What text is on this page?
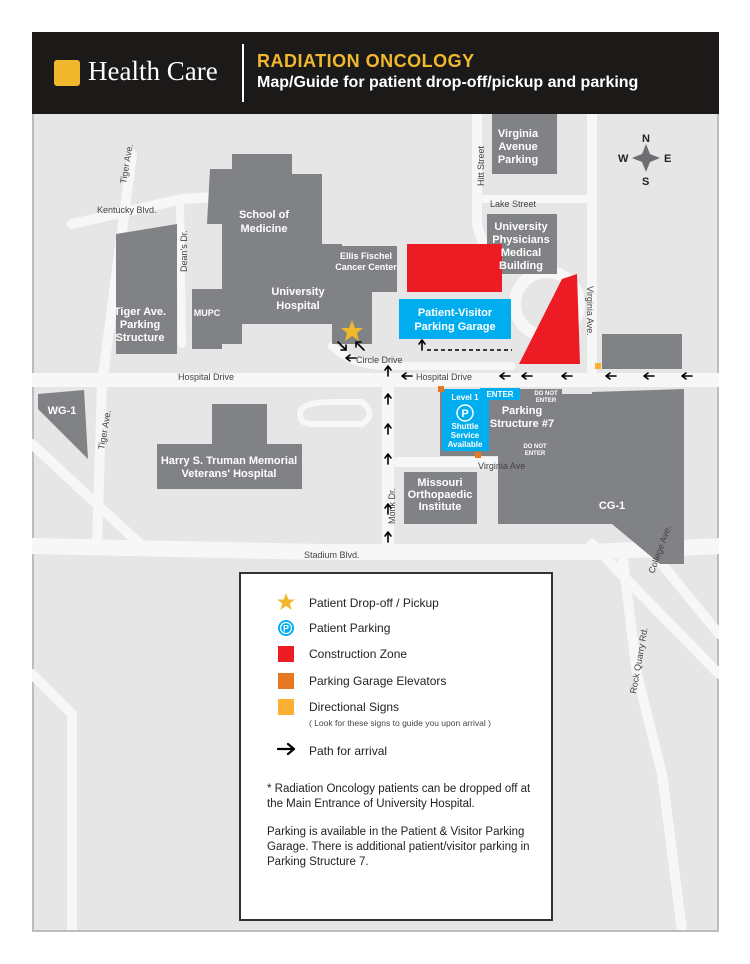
Health Care RADIATION ONCOLOGY
Map/Guide for patient drop-off/pickup and parking
Patient-Visitor
Parking Garage
ENTER
Level 1
Shuttle
Service
Available
P
School of
Medicine
University
Hospital
Tiger Ave.
Parking
Structure
Virginia
Avenue
Parking
University
Physicians
Medical
Building
WG-1
Harry S. Truman Memorial
Veterans' Hospital
Parking
Structure #7
Missouri
Orthopaedic
Institute	CG-1
MUPC
Ellis Fischel
Cancer Center
DO NOT
ENTER
DO NOT
ENTER
Kentucky Blvd.
Lake Street
Hospital Drive	Hospital Drive
Circle Drive
Virginia Ave
Stadium Blvd.
Tiger Ave.
Dean's Dr.
Hitt Street
Virginia Ave.
Tiger Ave.
Monk Dr.
College Ave.
Rock Quarry Rd.
N
S
E
W
Patient Drop-off / Pickup
P Patient Parking
Construction Zone
Parking Garage Elevators
Directional Signs
( Look for these signs to guide you upon arrival )
Path for arrival
* Radiation Oncology patients can be dropped off at the Main Entrance of University Hospital.
Parking is available in the Patient & Visitor Parking Garage. There is additional patient/visitor parking in Parking Structure 7.
